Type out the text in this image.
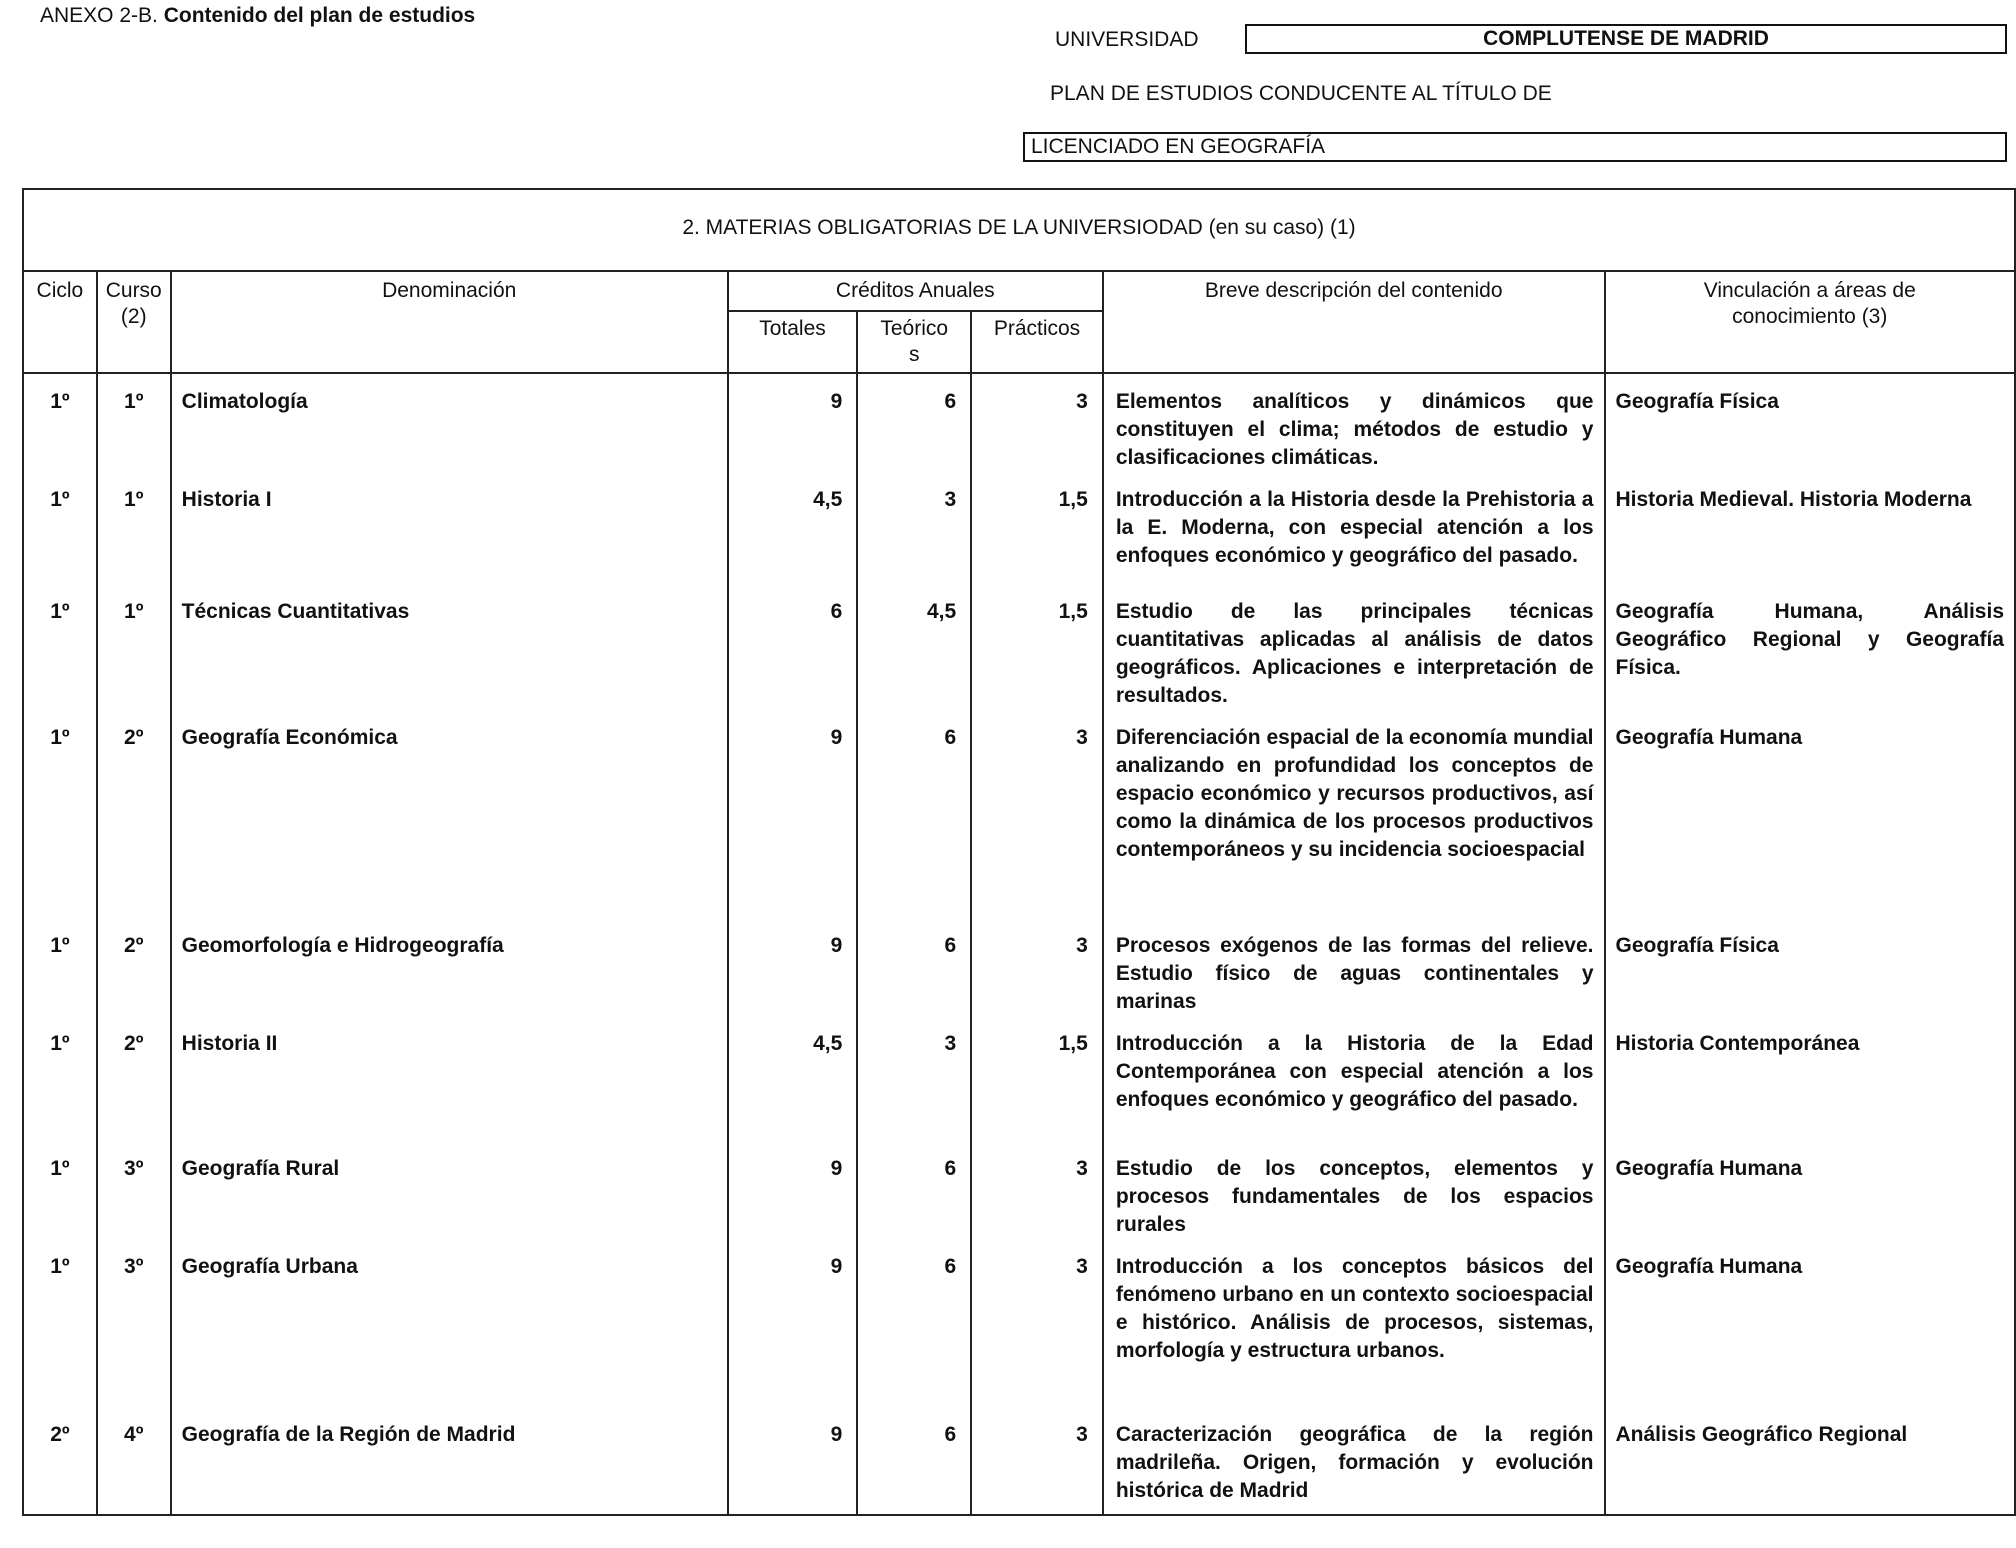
ANEXO 2-B. Contenido del plan de estudios
UNIVERSIDAD	COMPLUTENSE DE MADRID
PLAN DE ESTUDIOS CONDUCENTE AL TÍTULO DE
LICENCIADO EN GEOGRAFÍA
2. MATERIAS OBLIGATORIAS DE LA UNIVERSIODAD (en su caso) (1)							
Ciclo	Curso (2)	Denominación	Créditos Anuales			Breve descripción del contenido	Vinculación a áreas de conocimiento (3)
			Totales	Teórico s	Prácticos		
1º	1º	Climatología	9	6	3	Elementos analíticos y dinámicos que constituyen el clima; métodos de estudio y clasificaciones climáticas.	Geografía Física
1º	1º	Historia I	4,5	3	1,5	Introducción a la Historia desde la Prehistoria a la E. Moderna, con especial atención a los enfoques económico y geográfico del pasado.	Historia Medieval. Historia Moderna
1º	1º	Técnicas Cuantitativas	6	4,5	1,5	Estudio de las principales técnicas cuantitativas aplicadas al análisis de datos geográficos. Aplicaciones e interpretación de resultados.	Geografía Humana, Análisis Geográfico Regional y Geografía Física.
1º	2º	Geografía Económica	9	6	3	Diferenciación espacial de la economía mundial analizando en profundidad los conceptos de espacio económico y recursos productivos, así como la dinámica de los procesos productivos contemporáneos y su incidencia socioespacial	Geografía Humana
1º	2º	Geomorfología e Hidrogeografía	9	6	3	Procesos exógenos de las formas del relieve. Estudio físico de aguas continentales y marinas	Geografía Física
1º	2º	Historia II	4,5	3	1,5	Introducción a la Historia de la Edad Contemporánea con especial atención a los enfoques económico y geográfico del pasado.	Historia Contemporánea
1º	3º	Geografía Rural	9	6	3	Estudio de los conceptos, elementos y procesos fundamentales de los espacios rurales	Geografía Humana
1º	3º	Geografía Urbana	9	6	3	Introducción a los conceptos básicos del fenómeno urbano en un contexto socioespacial e histórico. Análisis de procesos, sistemas, morfología y estructura urbanos.	Geografía Humana
2º	4º	Geografía de la Región de Madrid	9	6	3	Caracterización geográfica de la región madrileña. Origen, formación y evolución histórica de Madrid	Análisis Geográfico Regional
